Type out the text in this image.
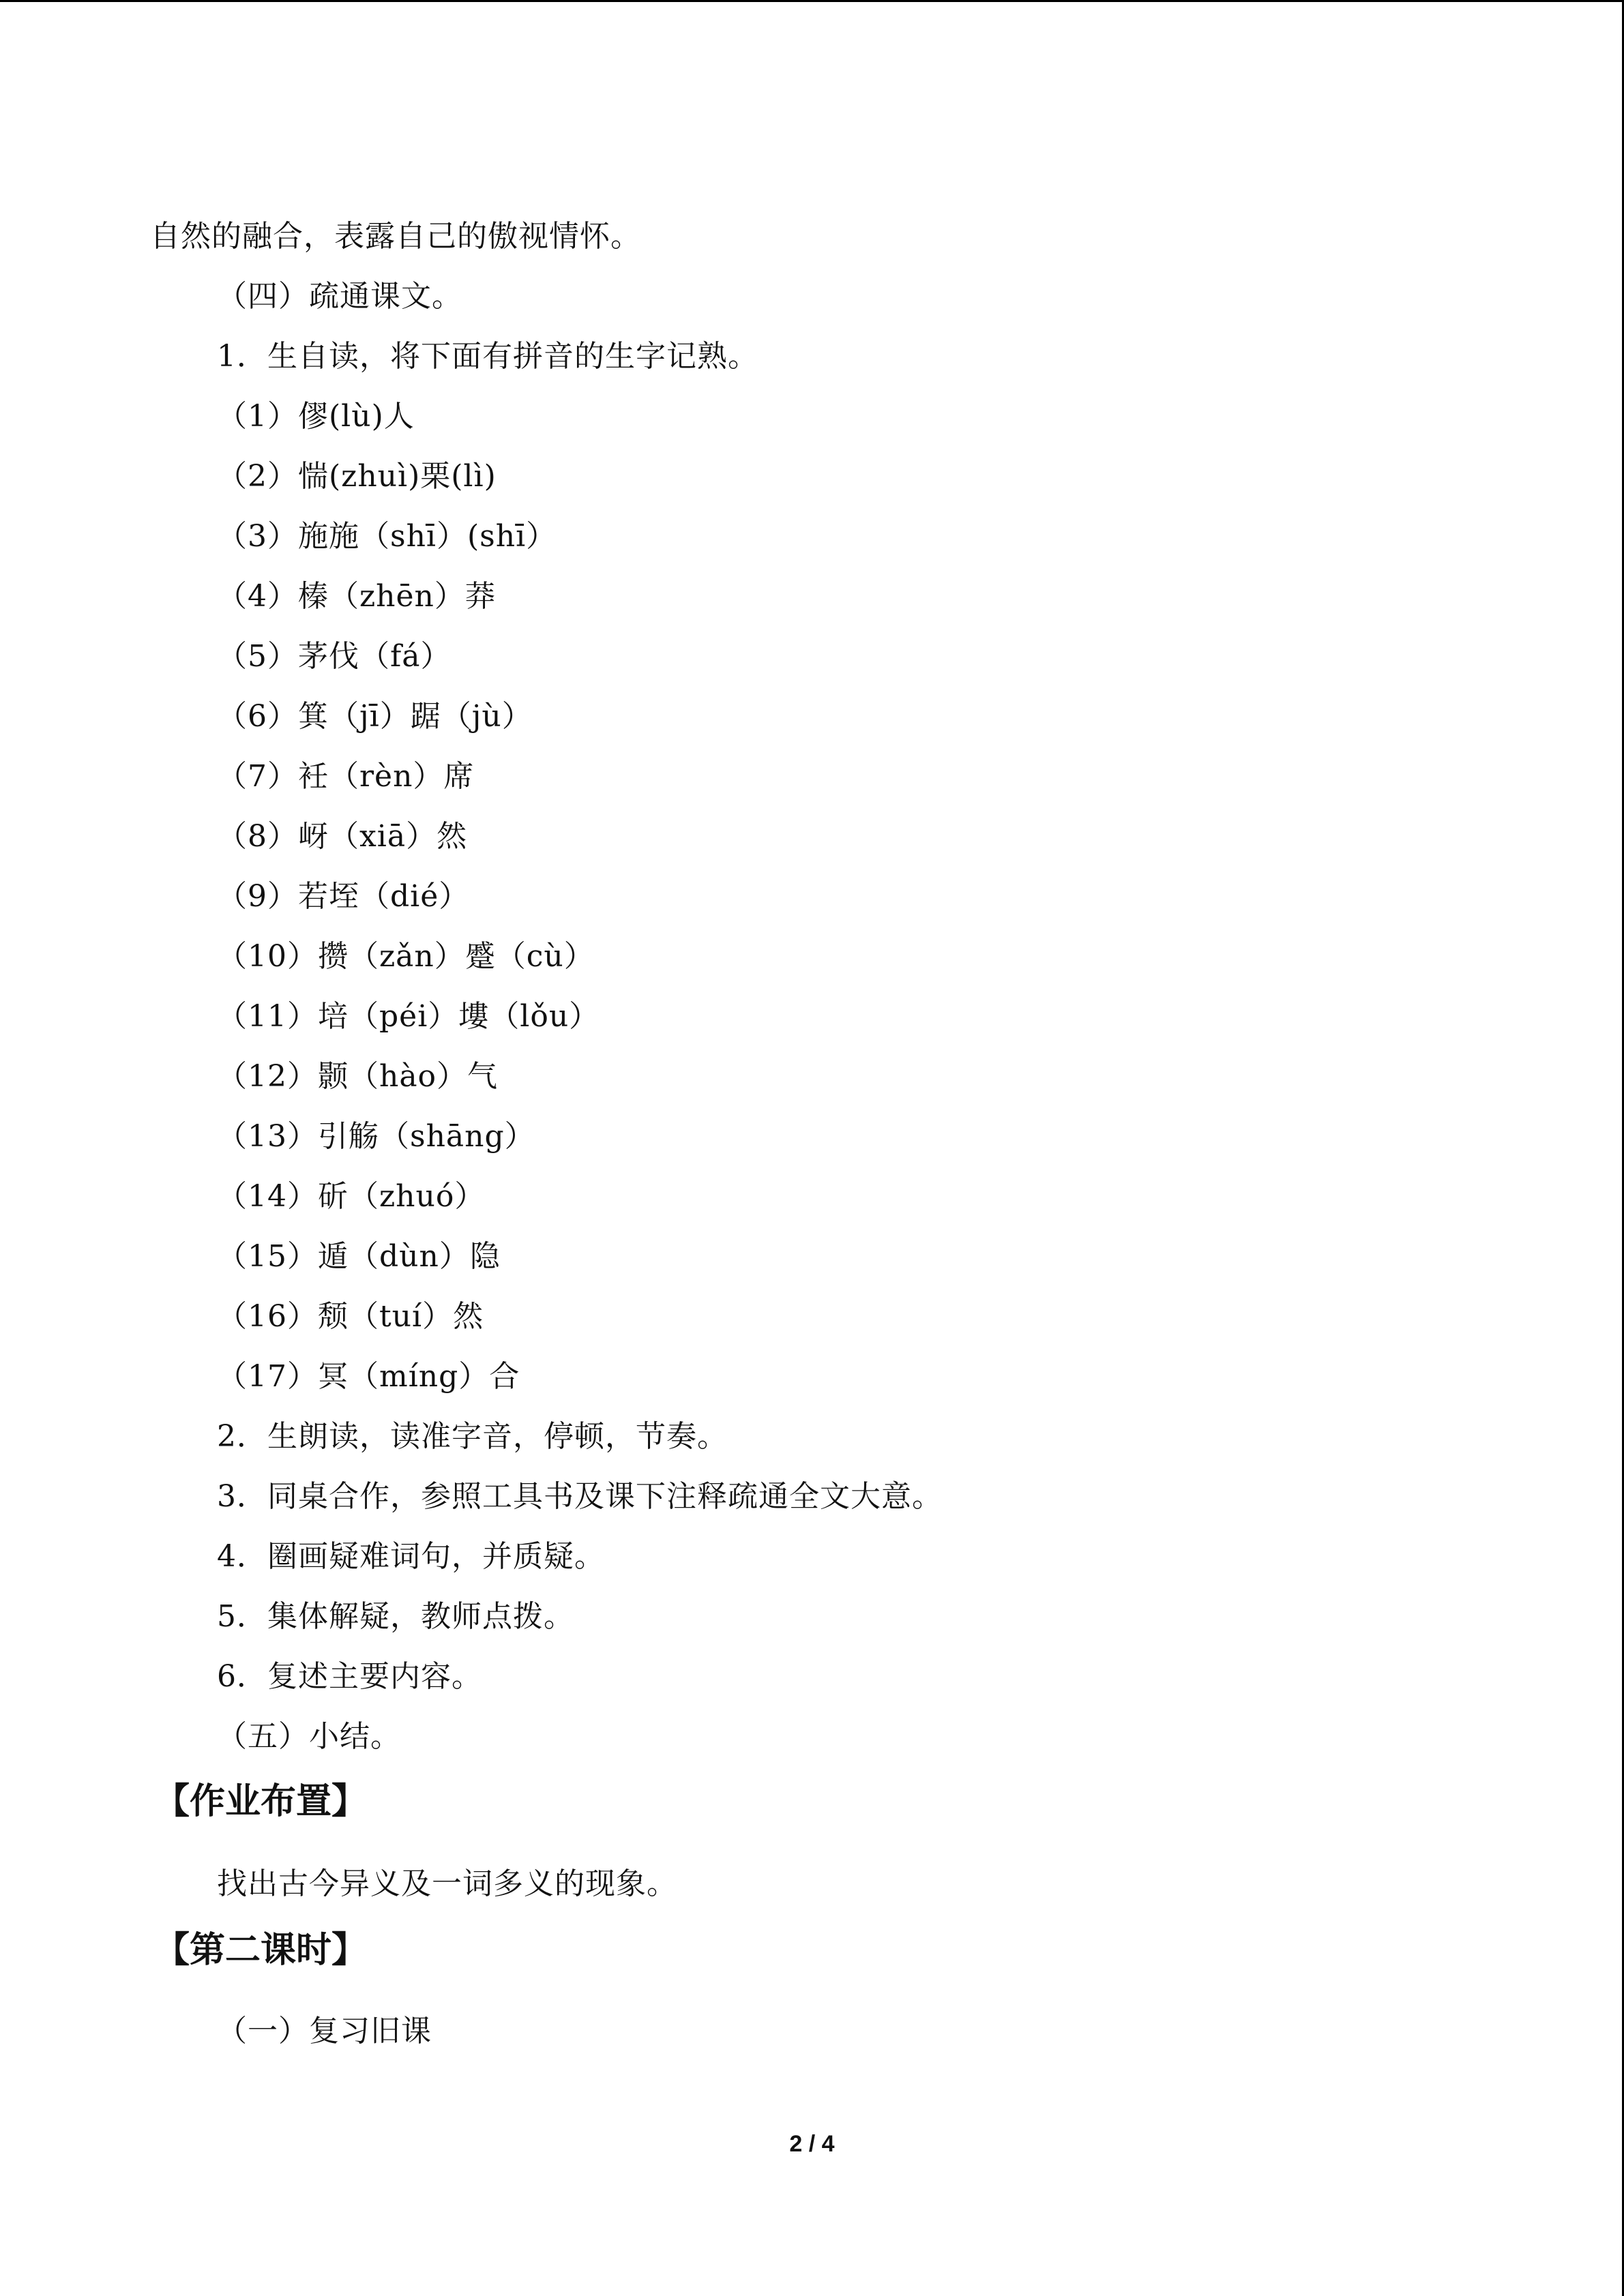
自然的融合，表露自己的傲视情怀。
（四）疏通课文。
1．生自读，将下面有拼音的生字记熟。
（1）僇(lù)人
（2）惴(zhuì)栗(lì)
（3）施施（shī）(shī）
（4）榛（zhēn）莽
（5）茅伐（fá）
（6）箕（jī）踞（jù）
（7）衽（rèn）席
（8）岈（xiā）然
（9）若垤（dié）
（10）攒（zǎn）蹙（cù）
（11）培（péi）塿（lǒu）
（12）颢（hào）气
（13）引觞（shāng）
（14）斫（zhuó）
（15）遁（dùn）隐
（16）颓（tuí）然
（17）冥（míng）合
2．生朗读，读准字音，停顿，节奏。
3．同桌合作，参照工具书及课下注释疏通全文大意。
4．圈画疑难词句，并质疑。
5．集体解疑，教师点拨。
6．复述主要内容。
（五）小结。
【作业布置】
找出古今异义及一词多义的现象。
【第二课时】
（一）复习旧课
2 / 4
